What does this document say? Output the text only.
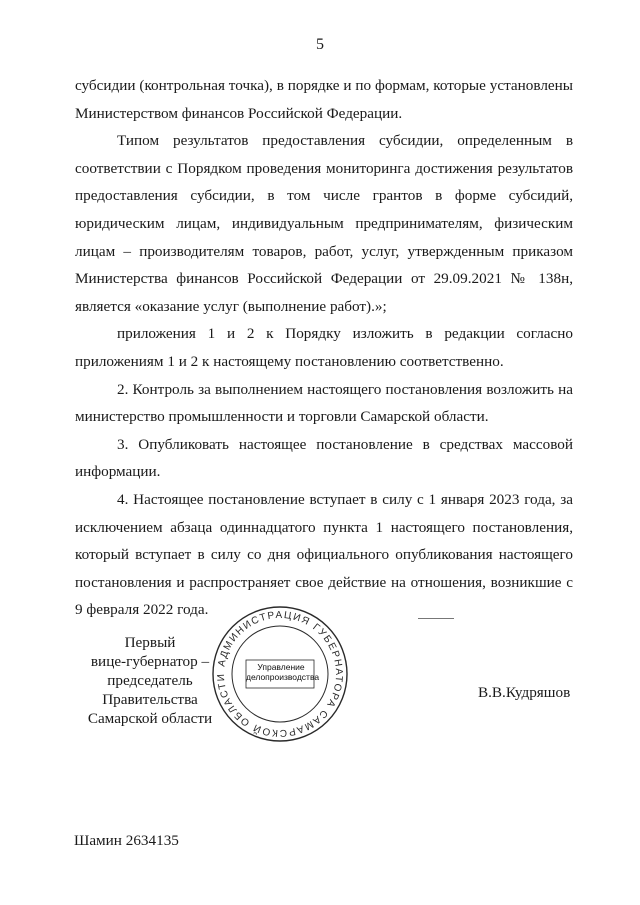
5

субсидии (контрольная точка), в порядке и по формам, которые установлены Министерством финансов Российской Федерации.

Типом результатов предоставления субсидии, определенным в соответствии с Порядком проведения мониторинга достижения результатов предоставления субсидии, в том числе грантов в форме субсидий, юридическим лицам, индивидуальным предпринимателям, физическим лицам – производителям товаров, работ, услуг, утвержденным приказом Министерства финансов Российской Федерации от 29.09.2021 № 138н, является «оказание услуг (выполнение работ).»;

приложения 1 и 2 к Порядку изложить в редакции согласно приложениям 1 и 2 к настоящему постановлению соответственно.

2. Контроль за выполнением настоящего постановления возложить на министерство промышленности и торговли Самарской области.

3. Опубликовать настоящее постановление в средствах массовой информации.

4. Настоящее постановление вступает в силу с 1 января 2023 года, за исключением абзаца одиннадцатого пункта 1 настоящего постановления, который вступает в силу со дня официального опубликования настоящего постановления и распространяет свое действие на отношения, возникшие с 9 февраля 2022 года.

Первый
вице-губернатор –
председатель Правительства
Самарской области
АДМИНИСТРАЦИЯ ГУБЕРНАТОРА САМАРСКОЙ ОБЛАСТИ
Управление
делопроизводства
В.В.Кудряшов
Шамин 2634135
